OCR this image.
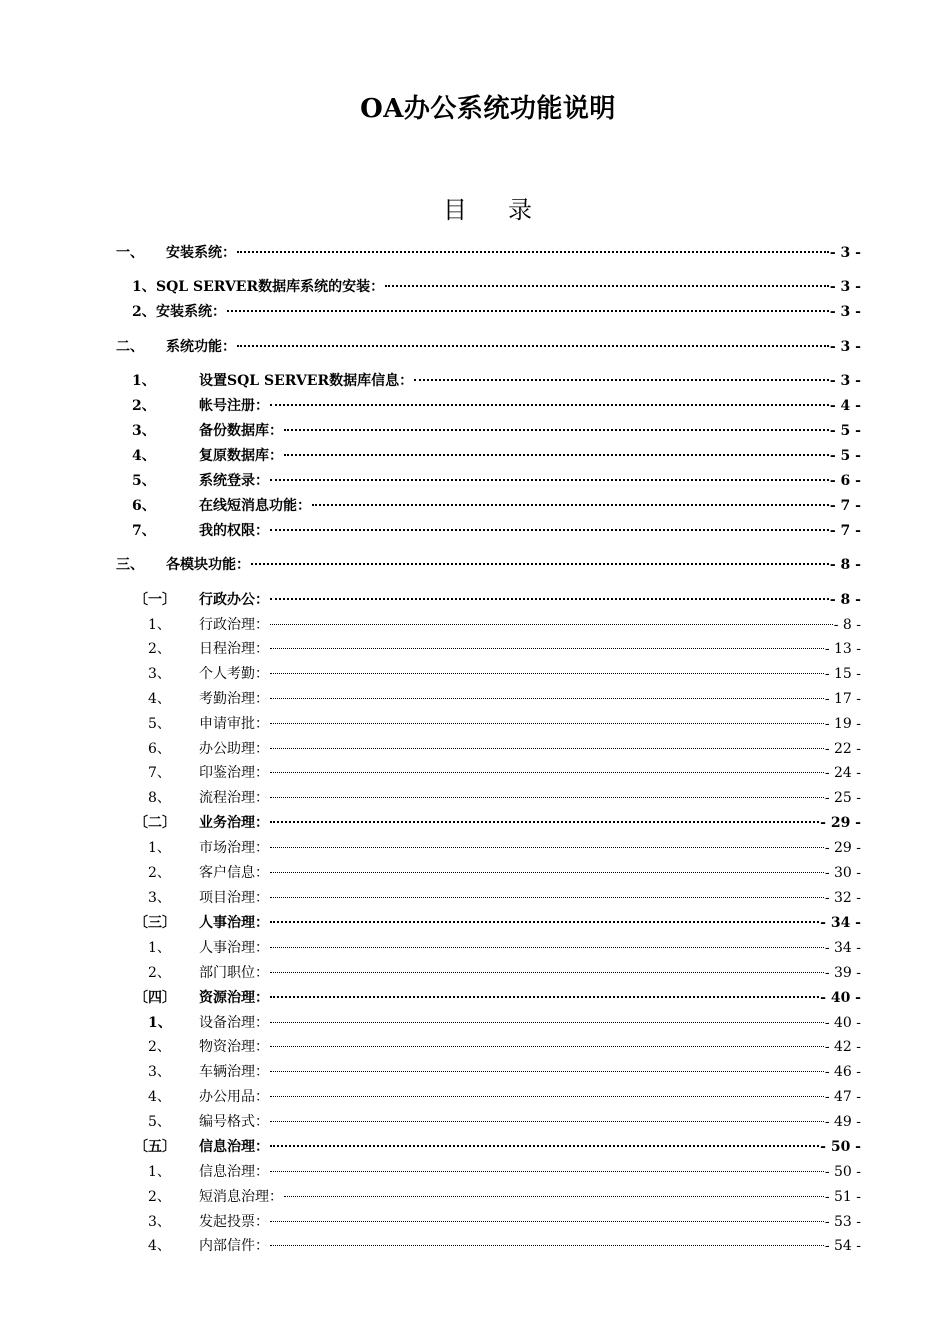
OA办公系统功能说明
目 录
一、	安装系统：	- 3 -
1、 SQL SERVER数据库系统的安装：	- 3 -
2、 安装系统：	- 3 -
二、	系统功能：	- 3 -
1、	设置SQL SERVER数据库信息：	- 3 -
2、	帐号注册：	- 4 -
3、	备份数据库：	- 5 -
4、	复原数据库：	- 5 -
5、	系统登录：	- 6 -
6、	在线短消息功能：	- 7 -
7、	我的权限：	- 7 -
三、	各模块功能：	- 8 -
〔一〕	行政办公：	- 8 -
1、	行政治理：	- 8 -
2、	日程治理：	- 13 -
3、	个人考勤：	- 15 -
4、	考勤治理：	- 17 -
5、	申请审批：	- 19 -
6、	办公助理：	- 22 -
7、	印鉴治理：	- 24 -
8、	流程治理：	- 25 -
〔二〕	业务治理：	- 29 -
1、	市场治理：	- 29 -
2、	客户信息：	- 30 -
3、	项目治理：	- 32 -
〔三〕	人事治理：	- 34 -
1、	人事治理：	- 34 -
2、	部门职位：	- 39 -
〔四〕	资源治理：	- 40 -
1、	设备治理：	- 40 -
2、	物资治理：	- 42 -
3、	车辆治理：	- 46 -
4、	办公用品：	- 47 -
5、	编号格式：	- 49 -
〔五〕	信息治理：	- 50 -
1、	信息治理：	- 50 -
2、	短消息治理：	- 51 -
3、	发起投票：	- 53 -
4、	内部信件：	- 54 -
